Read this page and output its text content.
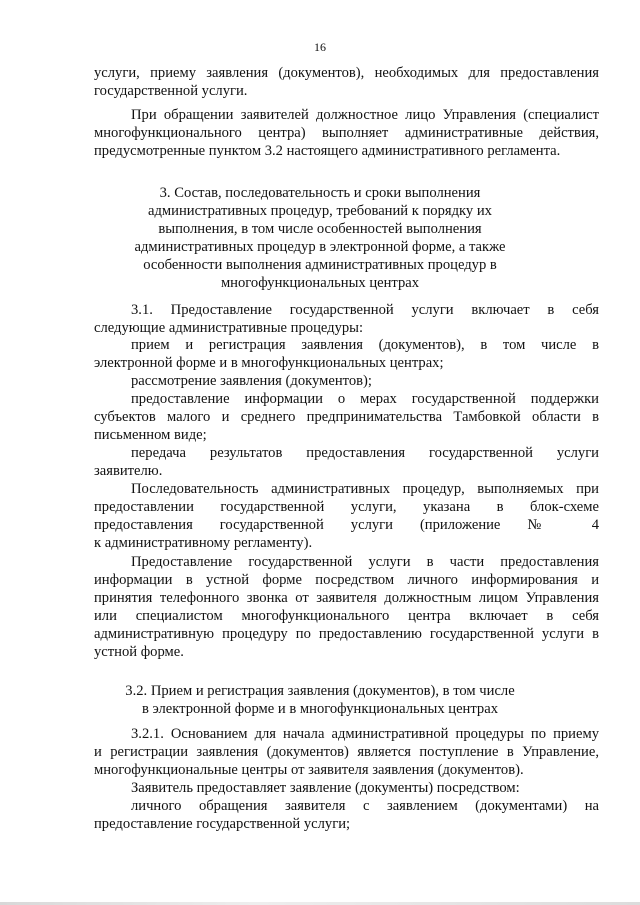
16
услуги, приему заявления (документов), необходимых для предоставления
государственной услуги.
При обращении заявителей должностное лицо Управления (специалист
многофункционального центра) выполняет административные действия,
предусмотренные пунктом 3.2 настоящего административного регламента.
3. Состав, последовательность и сроки выполнения
административных процедур, требований к порядку их
выполнения, в том числе особенностей выполнения
административных процедур в электронной форме, а также
особенности выполнения административных процедур в
многофункциональных центрах
3.1. Предоставление государственной услуги включает в себя
следующие административные процедуры:
прием и регистрация заявления (документов), в том числе в
электронной форме и в многофункциональных центрах;
рассмотрение заявления (документов);
предоставление информации о мерах государственной поддержки
субъектов малого и среднего предпринимательства Тамбовкой области в
письменном виде;
передача результатов предоставления государственной услуги
заявителю.
Последовательность административных процедур, выполняемых при
предоставлении государственной услуги, указана в блок-схеме
предоставления государственной услуги (приложение № 4
к административному регламенту).
Предоставление государственной услуги в части предоставления
информации в устной форме посредством личного информирования и
принятия телефонного звонка от заявителя должностным лицом Управления
или специалистом многофункционального центра включает в себя
административную процедуру по предоставлению государственной услуги в
устной форме.
3.2. Прием и регистрация заявления (документов), в том числе
в электронной форме и в многофункциональных центрах
3.2.1. Основанием для начала административной процедуры по приему
и регистрации заявления (документов) является поступление в Управление,
многофункциональные центры от заявителя заявления (документов).
Заявитель предоставляет заявление (документы) посредством:
личного обращения заявителя с заявлением (документами) на
предоставление государственной услуги;
